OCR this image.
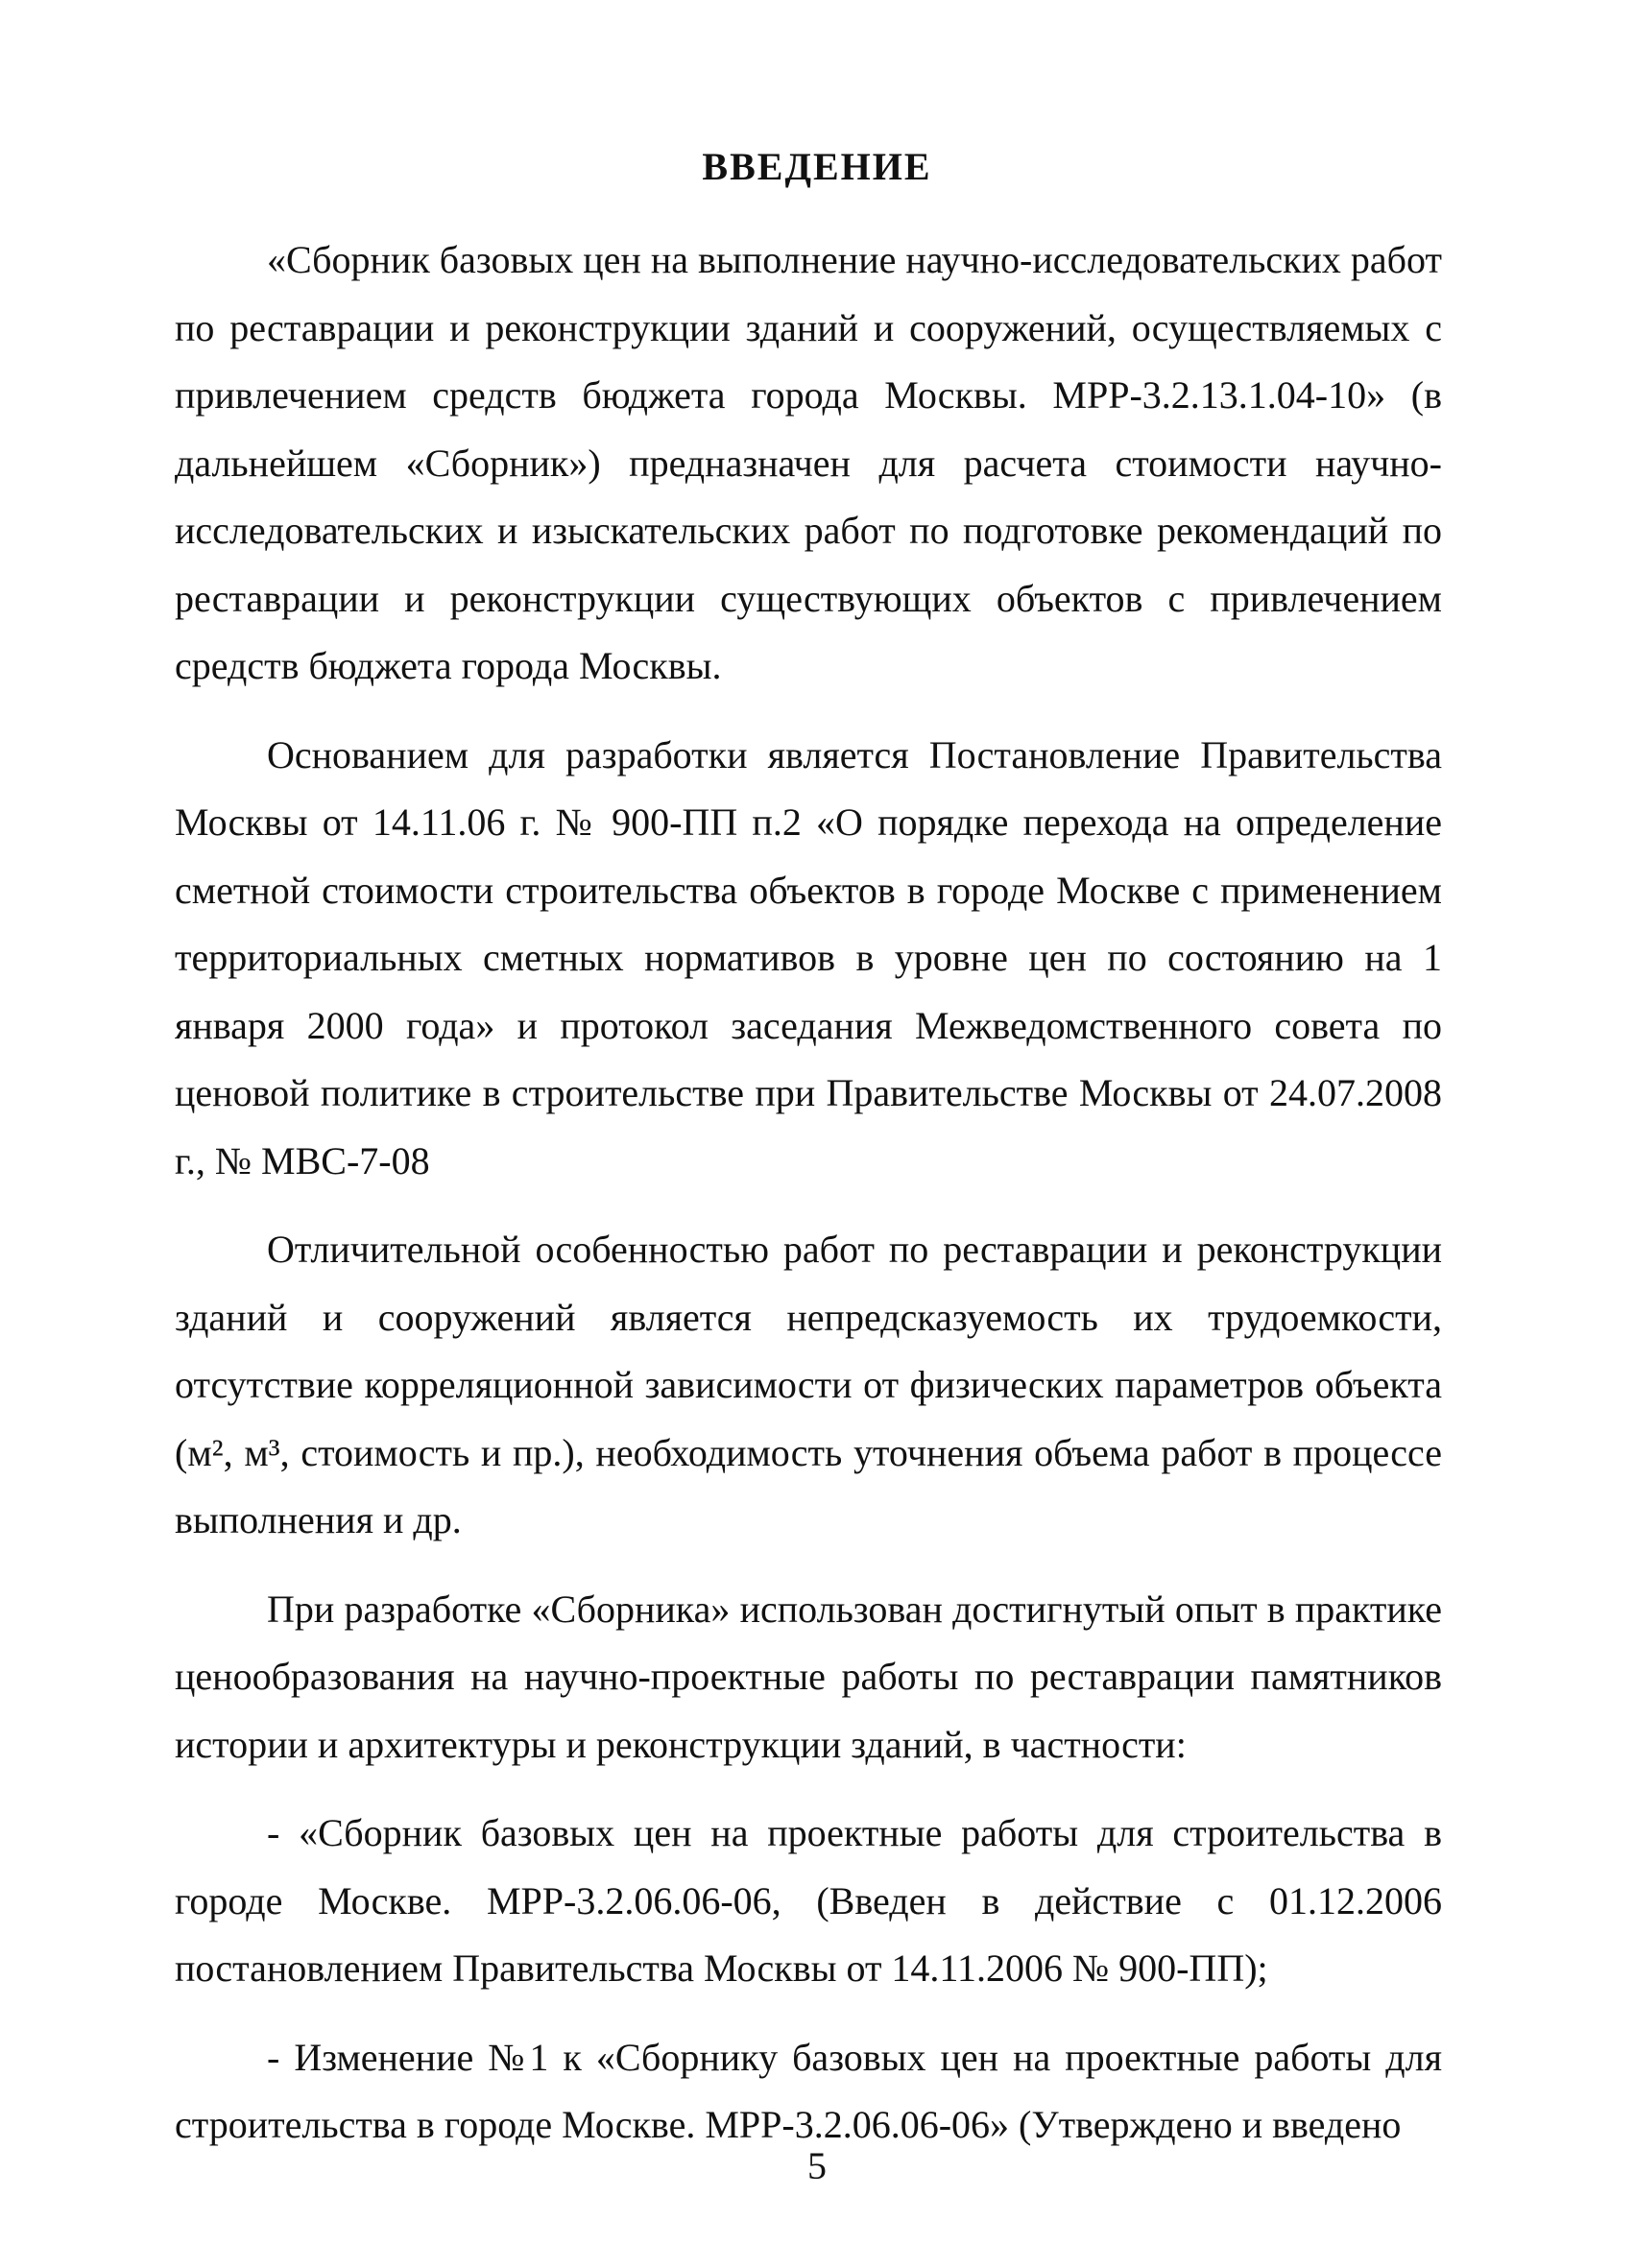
ВВЕДЕНИЕ

«Сборник базовых цен на выполнение научно-исследовательских работ по реставрации и реконструкции зданий и сооружений, осуществляемых с привлечением средств бюджета города Москвы. МРР-3.2.13.1.04-10» (в дальнейшем «Сборник») предназначен для расчета стоимости научно-исследовательских и изыскательских работ по подготовке рекомендаций по реставрации и реконструкции существующих объектов с привлечением средств бюджета города Москвы.

Основанием для разработки является Постановление Правительства Москвы от 14.11.06 г. № 900-ПП п.2 «О порядке перехода на определение сметной стоимости строительства объектов в городе Москве с применением территориальных сметных нормативов в уровне цен по состоянию на 1 января 2000 года» и протокол заседания Межведомственного совета по ценовой политике в строительстве при Правительстве Москвы от 24.07.2008 г., № МВС-7-08

Отличительной особенностью работ по реставрации и реконструкции зданий и сооружений является непредсказуемость их трудоемкости, отсутствие корреляционной зависимости от физических параметров объекта (м², м³, стоимость и пр.), необходимость уточнения объема работ в процессе выполнения и др.

При разработке «Сборника» использован достигнутый опыт в практике ценообразования на научно-проектные работы по реставрации памятников истории и архитектуры и реконструкции зданий, в частности:

- «Сборник базовых цен на проектные работы для строительства в городе Москве. МРР-3.2.06.06-06, (Введен в действие с 01.12.2006 постановлением Правительства Москвы от 14.11.2006 № 900-ПП);

- Изменение №1 к «Сборнику базовых цен на проектные работы для строительства в городе Москве. МРР-3.2.06.06-06» (Утверждено и введено

5
